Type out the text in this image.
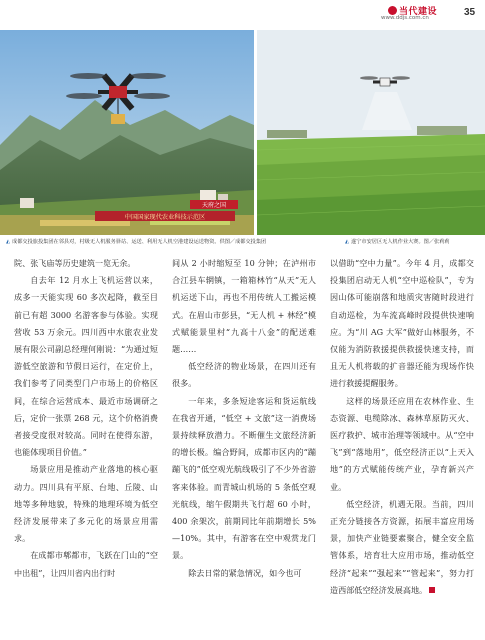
当代建设
www.ddjs.com.cn	35
中国国家现代农业科技示范区
天府之国
◭ 成都交投旅投集团在邻县对，村级无人机服务驿站、运送、利用无人机空港建设运送物资。供图／成都交投集团	◭ 遂宁市安居区无人机作业大赛。图／张莉莉

院、张飞庙等历史建筑一览无余。

自去年 12 月水上飞机运营以来，成多一天能实现 60 多次起降，截至目前已有超 3000 名游客参与体验。实现营收 53 万余元。四川西中水旅农业发展有限公司副总经理何刚说：“为通过短游低空旅游和节假日运行，在定价上，我们参考了同类型门户市场上的价格区间，在综合运营成本、最近市场调研之后，定价一张票 268 元，这个价格消费者接受度很对较高。同时在使得东游，也能体现项目价值。”

场景应用是推动产业落地的核心驱动力。四川具有平原、台地、丘陵、山地等多种地貌，特殊的地理环境为低空经济发展带来了多元化的场景应用需求。

在成都市郫都市，飞跃在门山的“空中出租”，让四川省内出行时

间从 2 小时缩短至 10 分钟；在泸州市合江县车辋镇，一箱箱林竹“从天”无人机运送下山，再也不用传统人工搬运模式。在眉山市彭县，“无人机 + 林经”模式赋能景里村“九高十八金”的配送难题……

低空经济的物业场景，在四川还有很多。

一年来，多条短途客运和货运航线在我省开通，“低空 + 文旅”这一消费场景持续释放潜力。不断催生文旅经济新的增长极。编合野间，成都市区内的“蹦蹦飞的”低空观光航线吸引了不少外省游客来体验。而青城山机场的 5 条低空观光航线，缩午假期共飞行超 60 小时，400 余架次，前期同比年前期增长 5%—10%。其中，有游客在空中观赏龙门景。

除去日常的紧急情况，如今也可

以借助“空中力量”。今年 4 月，成都交投集团启动无人机“空中巡检队”，专为因山体可能崩落和地质灾害随时段进行自动巡检，为车流高峰时段提供快速响应。为“川 AG 大军”做好山林服务，不仅能为消防救援提供救援快速支持，而且无人机将载的扩音器还能为现场作快进行救援提醒服务。

这样的场景还应用在农林作业、生态资源、电缆除冰、森林草原防灭火、医疗救护、城市治理等领域中。从“空中飞”到“落地用”，低空经济正以“上天入地”的方式赋能传统产业，孕育新兴产业。

低空经济，机遇无限。当前，四川正充分链接各方资源，拓展丰富应用场景，加快产业链要素聚合，健全安全监管体系，培育壮大应用市场，推动低空经济“起来”“强起来”“管起来”，努力打造西部低空经济发展高地。
